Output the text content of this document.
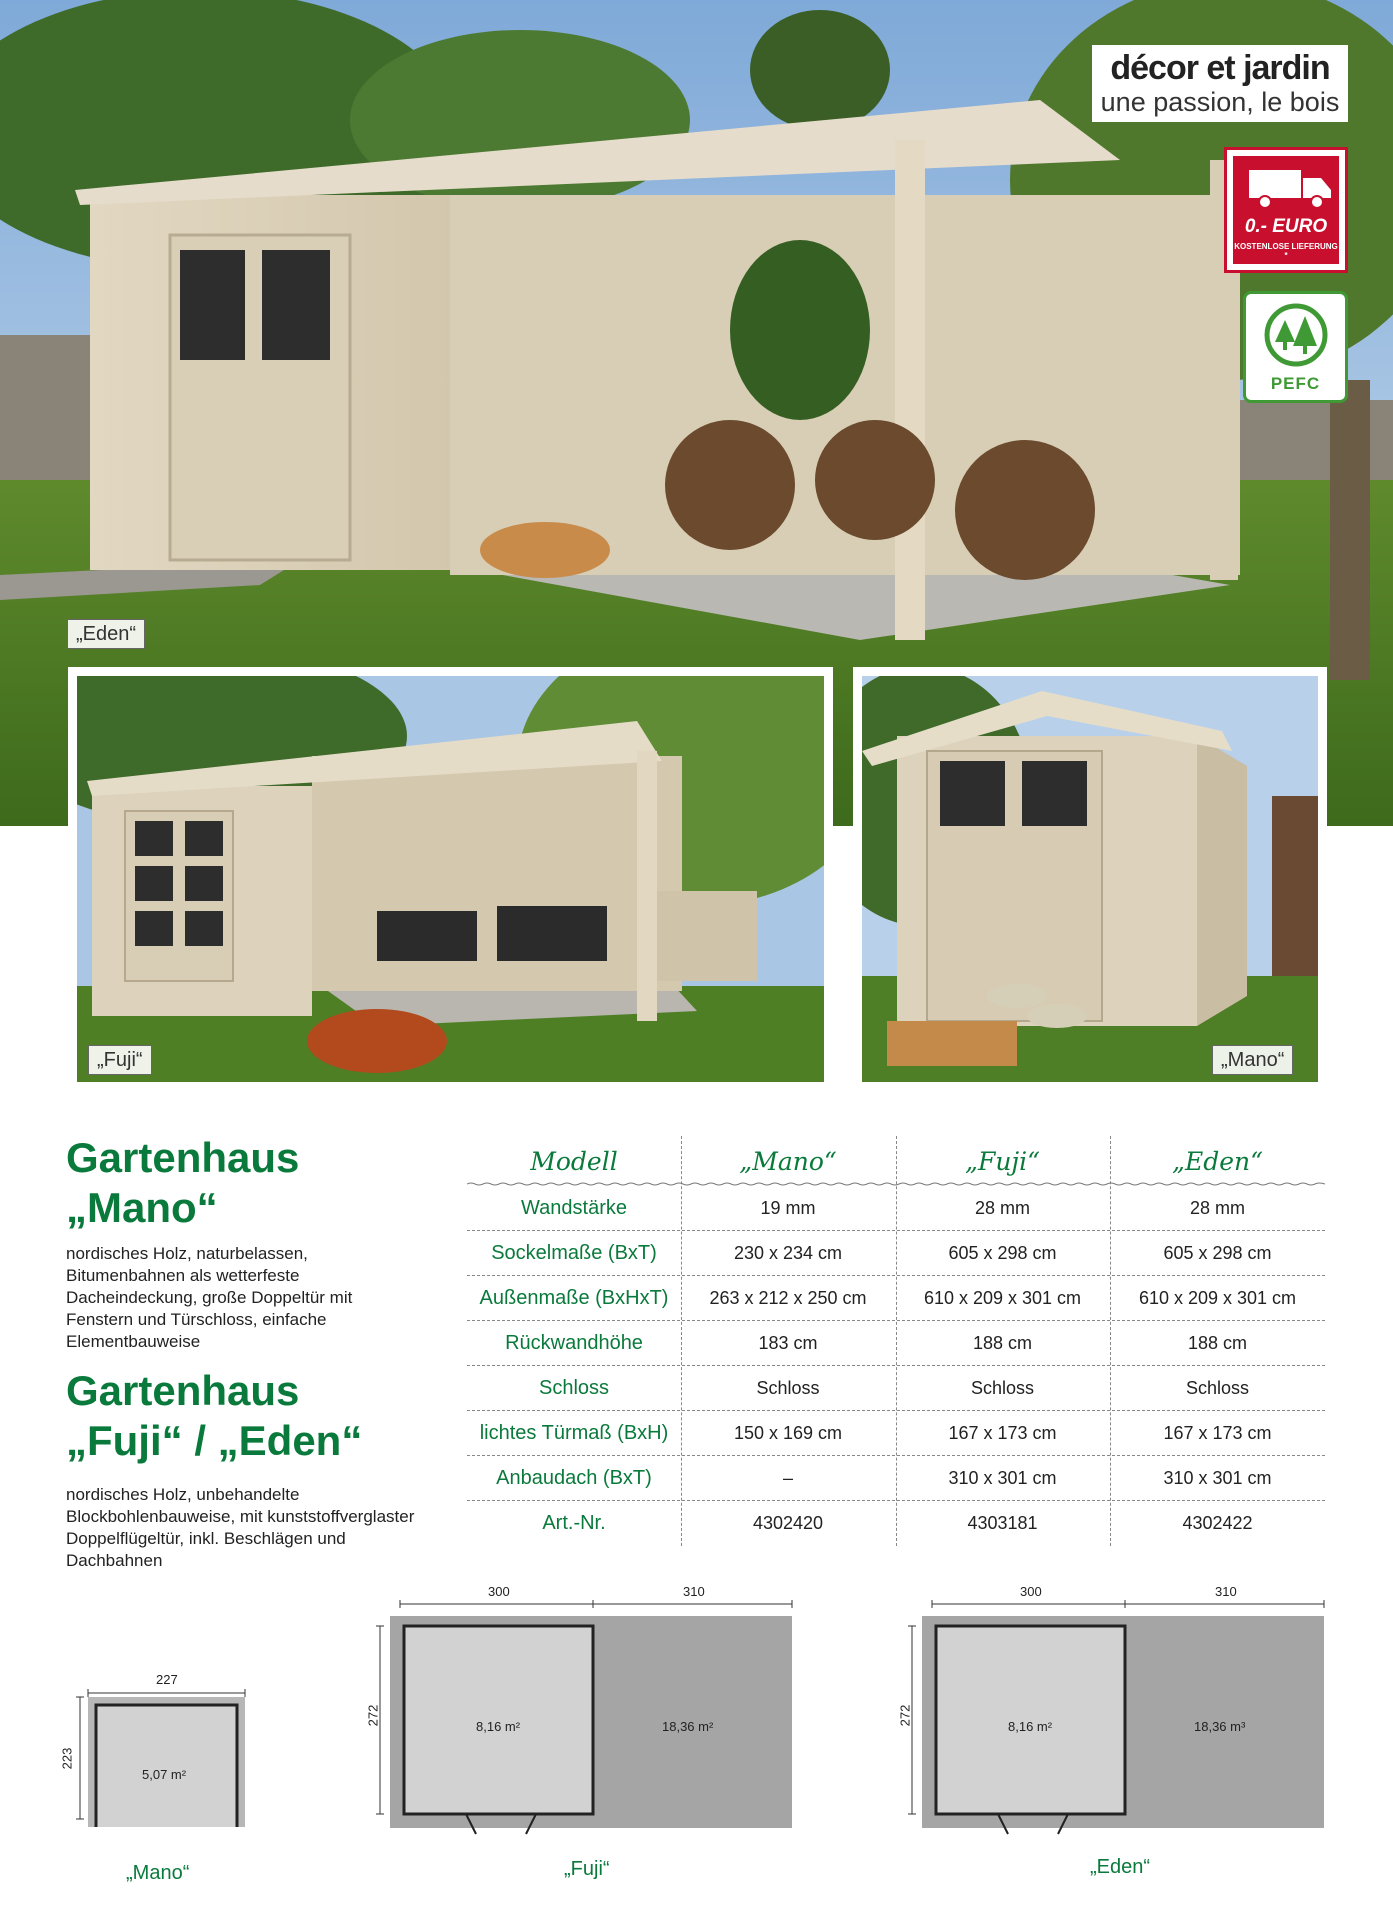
„Eden“
décor et jardin
une passion, le bois
0.- EURO
KOSTENLOSE LIEFERUNG *
PEFC
„Fuji“	„Mano“
Gartenhaus
„Mano“
nordisches Holz, naturbelassen, Bitumenbahnen als wetterfeste Dacheindeckung, große Doppeltür mit Fenstern und Türschloss, einfache Elementbauweise
Gartenhaus
„Fuji“ / „Eden“
nordisches Holz, unbehandelte Blockbohlenbauweise, mit kunststoffverglaster Doppelflügeltür, inkl. Beschlägen und Dachbahnen
Modell	„Mano“	„Fuji“	„Eden“
Wandstärke	19 mm	28 mm	28 mm
Sockelmaße (BxT)	230 x 234 cm	605 x 298 cm	605 x 298 cm
Außenmaße (BxHxT)	263 x 212 x 250 cm	610 x 209 x 301 cm	610 x 209 x 301 cm
Rückwandhöhe	183 cm	188 cm	188 cm
Schloss	Schloss	Schloss	Schloss
lichtes Türmaß (BxH)	150 x 169 cm	167 x 173 cm	167 x 173 cm
Anbaudach (BxT)	–	310 x 301 cm	310 x 301 cm
Art.-Nr.	4302420	4303181	4302422
227
223
5,07 m²
„Mano“
300	310
272
8,16 m²	18,36 m²
„Fuji“
300	310
272
8,16 m²	18,36 m³
„Eden“
